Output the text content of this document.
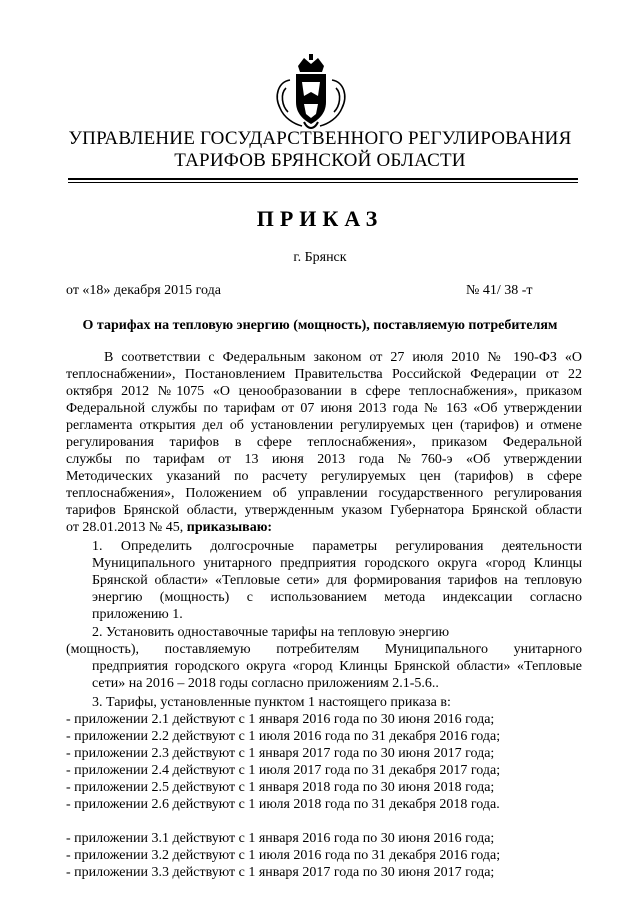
УПРАВЛЕНИЕ ГОСУДАРСТВЕННОГО РЕГУЛИРОВАНИЯ
ТАРИФОВ БРЯНСКОЙ ОБЛАСТИ
ПРИКАЗ
г. Брянск
от «18» декабря 2015 года	№ 41/ 38 -т
О тарифах на тепловую энергию (мощность), поставляемую потребителям
В соответствии с Федеральным законом от 27 июля 2010 № 190-ФЗ «О
теплоснабжении», Постановлением Правительства Российской Федерации от 22
октября 2012 №1075 «О ценообразовании в сфере теплоснабжения», приказом
Федеральной службы по тарифам от 07 июня 2013 года № 163 «Об утверждении
регламента открытия дел об установлении регулируемых цен (тарифов) и отмене
регулирования тарифов в сфере теплоснабжения», приказом Федеральной
службы по тарифам от 13 июня 2013 года №760-э «Об утверждении
Методических указаний по расчету регулируемых цен (тарифов) в сфере
теплоснабжения», Положением об управлении государственного регулирования
тарифов Брянской области, утвержденным указом Губернатора Брянской области
от 28.01.2013 № 45, приказываю:
1. Определить долгосрочные параметры регулирования деятельности
Муниципального унитарного предприятия городского округа «город Клинцы
Брянской области» «Тепловые сети» для формирования тарифов на тепловую
энергию (мощность) с использованием метода индексации согласно
приложению 1.
2. Установить одноставочные тарифы на тепловую энергию
(мощность), поставляемую потребителям Муниципального унитарного
предприятия городского округа «город Клинцы Брянской области» «Тепловые
сети» на 2016 – 2018 годы согласно приложениям 2.1-5.6..
3. Тарифы, установленные пунктом 1 настоящего приказа в:
- приложении 2.1 действуют с 1 января 2016 года по 30 июня 2016 года;
- приложении 2.2 действуют с 1 июля 2016 года по 31 декабря 2016 года;
- приложении 2.3 действуют с 1 января 2017 года по 30 июня 2017 года;
- приложении 2.4 действуют с 1 июля 2017 года по 31 декабря 2017 года;
- приложении 2.5 действуют с 1 января 2018 года по 30 июня 2018 года;
- приложении 2.6 действуют с 1 июля 2018 года по 31 декабря 2018 года.
- приложении 3.1 действуют с 1 января 2016 года по 30 июня 2016 года;
- приложении 3.2 действуют с 1 июля 2016 года по 31 декабря 2016 года;
- приложении 3.3 действуют с 1 января 2017 года по 30 июня 2017 года;
